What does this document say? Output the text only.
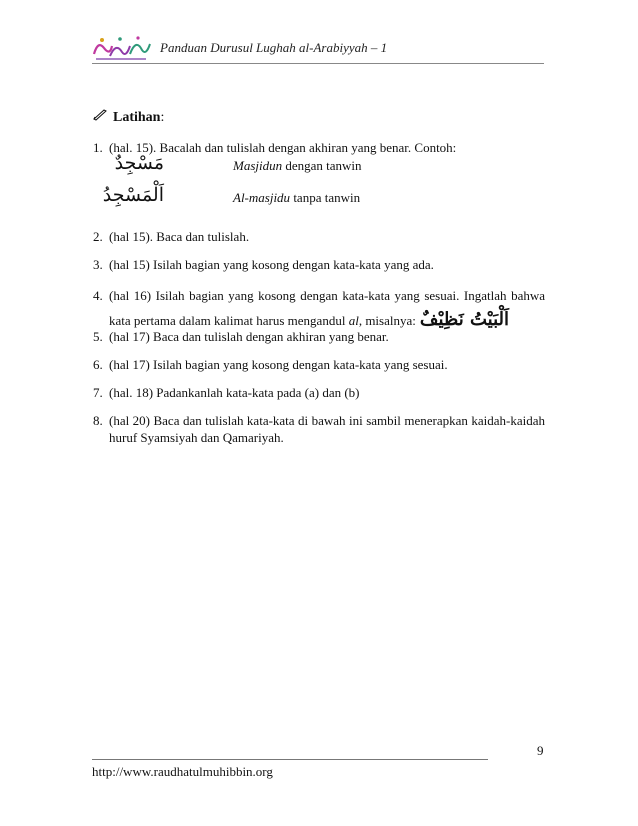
Panduan Durusul Lughah al-Arabiyyah – 1
Latihan:
1. (hal. 15). Bacalah dan tulislah dengan akhiran yang benar. Contoh:
مَسْجِدٌ	Masjidun dengan tanwin
اَلْمَسْجِدُ	Al-masjidu tanpa tanwin
2. (hal 15). Baca dan tulislah.
3. (hal 15) Isilah bagian yang kosong dengan kata-kata yang ada.
4. (hal 16) Isilah bagian yang kosong dengan kata-kata yang sesuai. Ingatlah bahwa kata pertama dalam kalimat harus mengandul al, misalnya: اَلْبَيْتُ نَظِيْفٌ
5. (hal 17) Baca dan tulislah dengan akhiran yang benar.
6. (hal 17) Isilah bagian yang kosong dengan kata-kata yang sesuai.
7. (hal. 18) Padankanlah kata-kata pada (a) dan (b)
8. (hal 20) Baca dan tulislah kata-kata di bawah ini sambil menerapkan kaidah-kaidah huruf Syamsiyah dan Qamariyah.
9
http://www.raudhatulmuhibbin.org
